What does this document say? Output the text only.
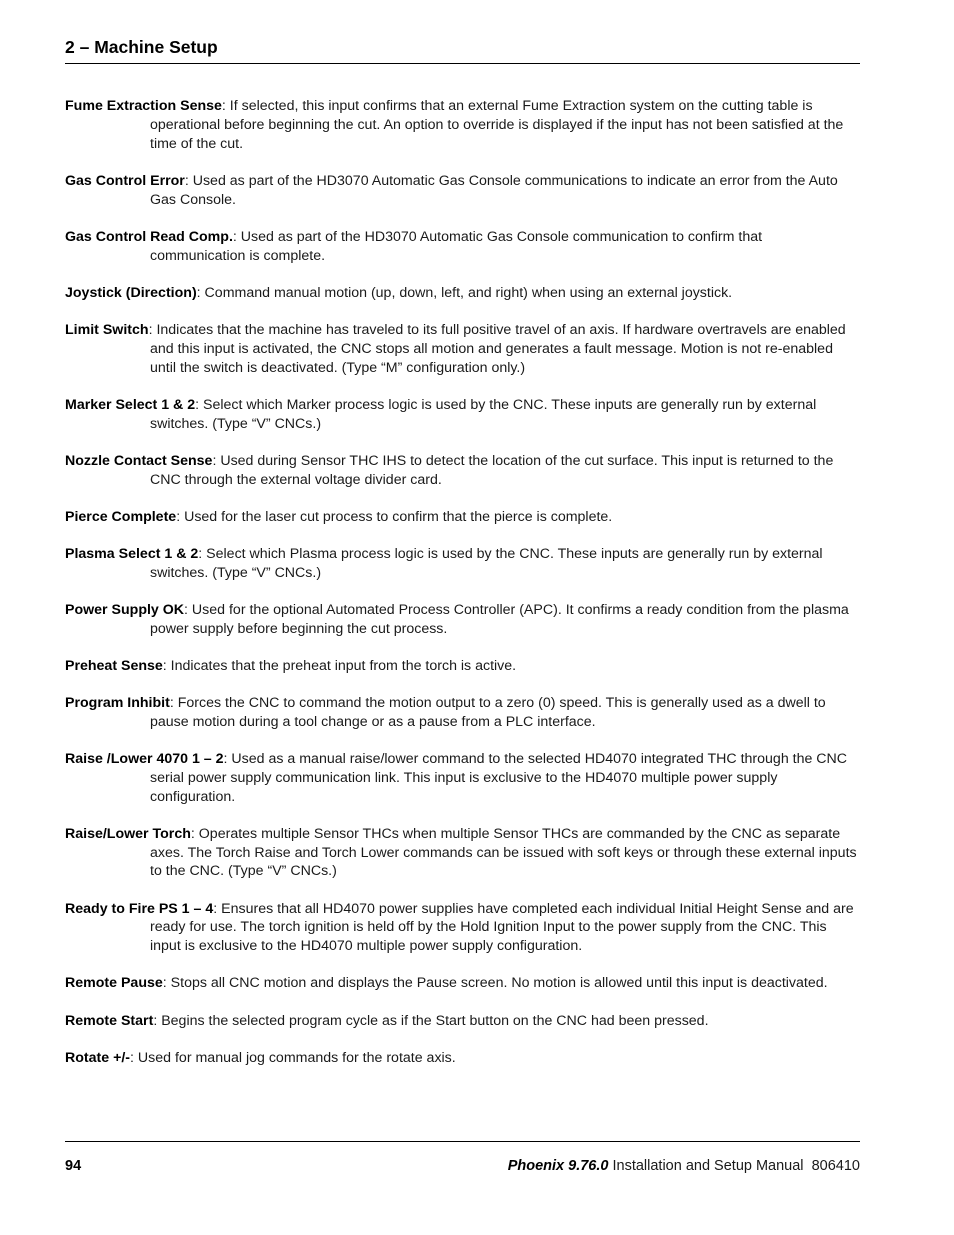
2 – Machine Setup

Fume Extraction Sense: If selected, this input confirms that an external Fume Extraction system on the cutting table is operational before beginning the cut. An option to override is displayed if the input has not been satisfied at the time of the cut.

Gas Control Error: Used as part of the HD3070 Automatic Gas Console communications to indicate an error from the Auto Gas Console.

Gas Control Read Comp.: Used as part of the HD3070 Automatic Gas Console communication to confirm that communication is complete.

Joystick (Direction): Command manual motion (up, down, left, and right) when using an external joystick.

Limit Switch: Indicates that the machine has traveled to its full positive travel of an axis. If hardware overtravels are enabled and this input is activated, the CNC stops all motion and generates a fault message. Motion is not re-enabled until the switch is deactivated. (Type “M” configuration only.)

Marker Select 1 & 2: Select which Marker process logic is used by the CNC. These inputs are generally run by external switches. (Type “V” CNCs.)

Nozzle Contact Sense: Used during Sensor THC IHS to detect the location of the cut surface. This input is returned to the CNC through the external voltage divider card.

Pierce Complete: Used for the laser cut process to confirm that the pierce is complete.

Plasma Select 1 & 2: Select which Plasma process logic is used by the CNC. These inputs are generally run by external switches. (Type “V” CNCs.)

Power Supply OK: Used for the optional Automated Process Controller (APC). It confirms a ready condition from the plasma power supply before beginning the cut process.

Preheat Sense: Indicates that the preheat input from the torch is active.

Program Inhibit: Forces the CNC to command the motion output to a zero (0) speed. This is generally used as a dwell to pause motion during a tool change or as a pause from a PLC interface.

Raise /Lower 4070 1 – 2: Used as a manual raise/lower command to the selected HD4070 integrated THC through the CNC serial power supply communication link. This input is exclusive to the HD4070 multiple power supply configuration.

Raise/Lower Torch: Operates multiple Sensor THCs when multiple Sensor THCs are commanded by the CNC as separate axes. The Torch Raise and Torch Lower commands can be issued with soft keys or through these external inputs to the CNC. (Type “V” CNCs.)

Ready to Fire PS 1 – 4: Ensures that all HD4070 power supplies have completed each individual Initial Height Sense and are ready for use. The torch ignition is held off by the Hold Ignition Input to the power supply from the CNC. This input is exclusive to the HD4070 multiple power supply configuration.

Remote Pause: Stops all CNC motion and displays the Pause screen. No motion is allowed until this input is deactivated.

Remote Start: Begins the selected program cycle as if the Start button on the CNC had been pressed.

Rotate +/-: Used for manual jog commands for the rotate axis.

94	Phoenix 9.76.0 Installation and Setup Manual 806410
